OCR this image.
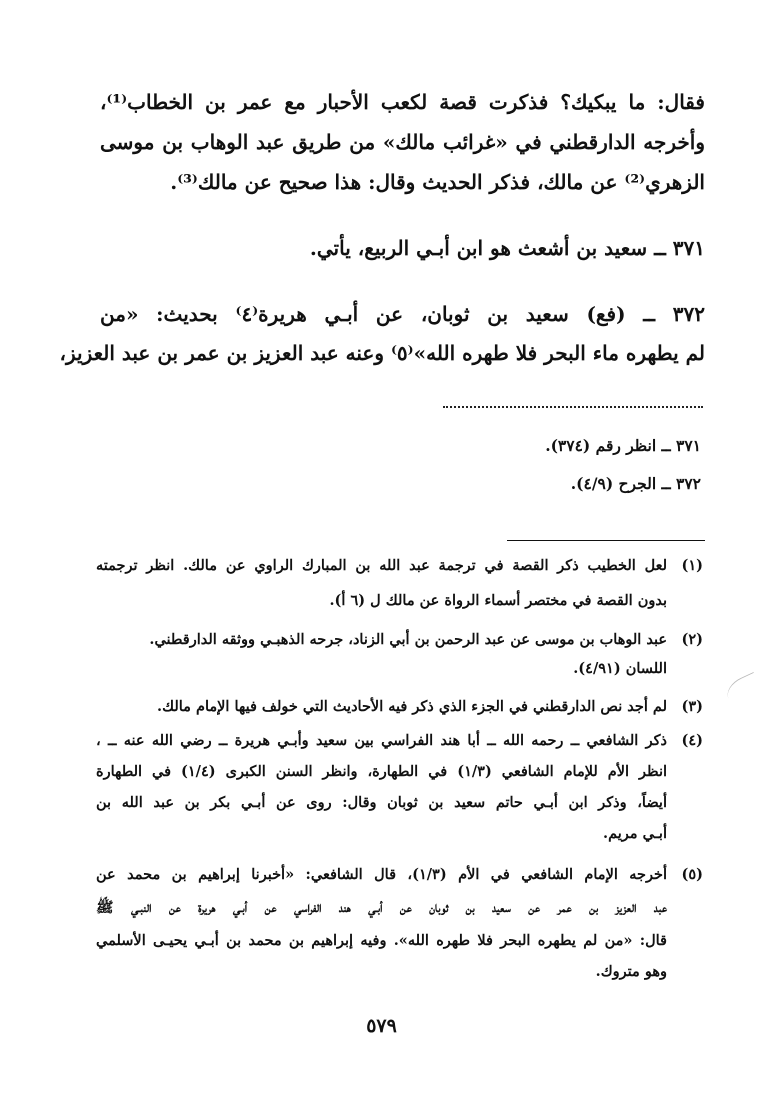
فقال: ما يبكيك؟ فذكرت قصة لكعب الأحبار مع عمر بن الخطاب⁽¹⁾،
وأخرجه الدارقطني في «غرائب مالك» من طريق عبد الوهاب بن موسى
الزهري⁽²⁾ عن مالك، فذكر الحديث وقال: هذا صحيح عن مالك⁽³⁾.
٣٧١ ــ سعيد بن أشعث هو ابن أبـي الربيع، يأتي.
٣٧٢ ــ (فع) سعيد بن ثوبان، عن أبـي هريرة⁽٤⁾ بحديث: «من
لم يطهره ماء البحر فلا طهره الله»⁽٥⁾ وعنه عبد العزيز بن عمر بن عبد العزيز،
٣٧١ ــ انظر رقم (٣٧٤).
٣٧٢ ــ الجرح (٤/٩).
(١)
لعل الخطيب ذكر القصة في ترجمة عبد الله بن المبارك الراوي عن مالك. انظر ترجمته
بدون القصة في مختصر أسماء الرواة عن مالك ل (٦ أ).
(٢)
عبد الوهاب بن موسى عن عبد الرحمن بن أبي الزناد، جرحه الذهبـي ووثقه الدارقطني.
اللسان (٤/٩١).
(٣)
لم أجد نص الدارقطني في الجزء الذي ذكر فيه الأحاديث التي خولف فيها الإمام مالك.
(٤)
ذكر الشافعي ــ رحمه الله ــ أبا هند الفراسي بين سعيد وأبـي هريرة ــ رضي الله عنه ــ ،
انظر الأم للإمام الشافعي (١/٣) في الطهارة، وانظر السنن الكبرى (١/٤) في الطهارة
أيضاً، وذكر ابن أبـي حاتم سعيد بن ثوبان وقال: روى عن أبـي بكر بن عبد الله بن
أبـي مريم.
(٥)
أخرجه الإمام الشافعي في الأم (١/٣)، قال الشافعي: «أخبرنا إبراهيم بن محمد عن
عبد العزيز بن عمر عن سعيد بن ثوبان عن أبـي هند الفراسي عن أبـي هريرة عن النبـي ﷺ
قال: «من لم يطهره البحر فلا طهره الله». وفيه إبراهيم بن محمد بن أبـي يحيـى الأسلمي
وهو متروك.
٥٧٩
